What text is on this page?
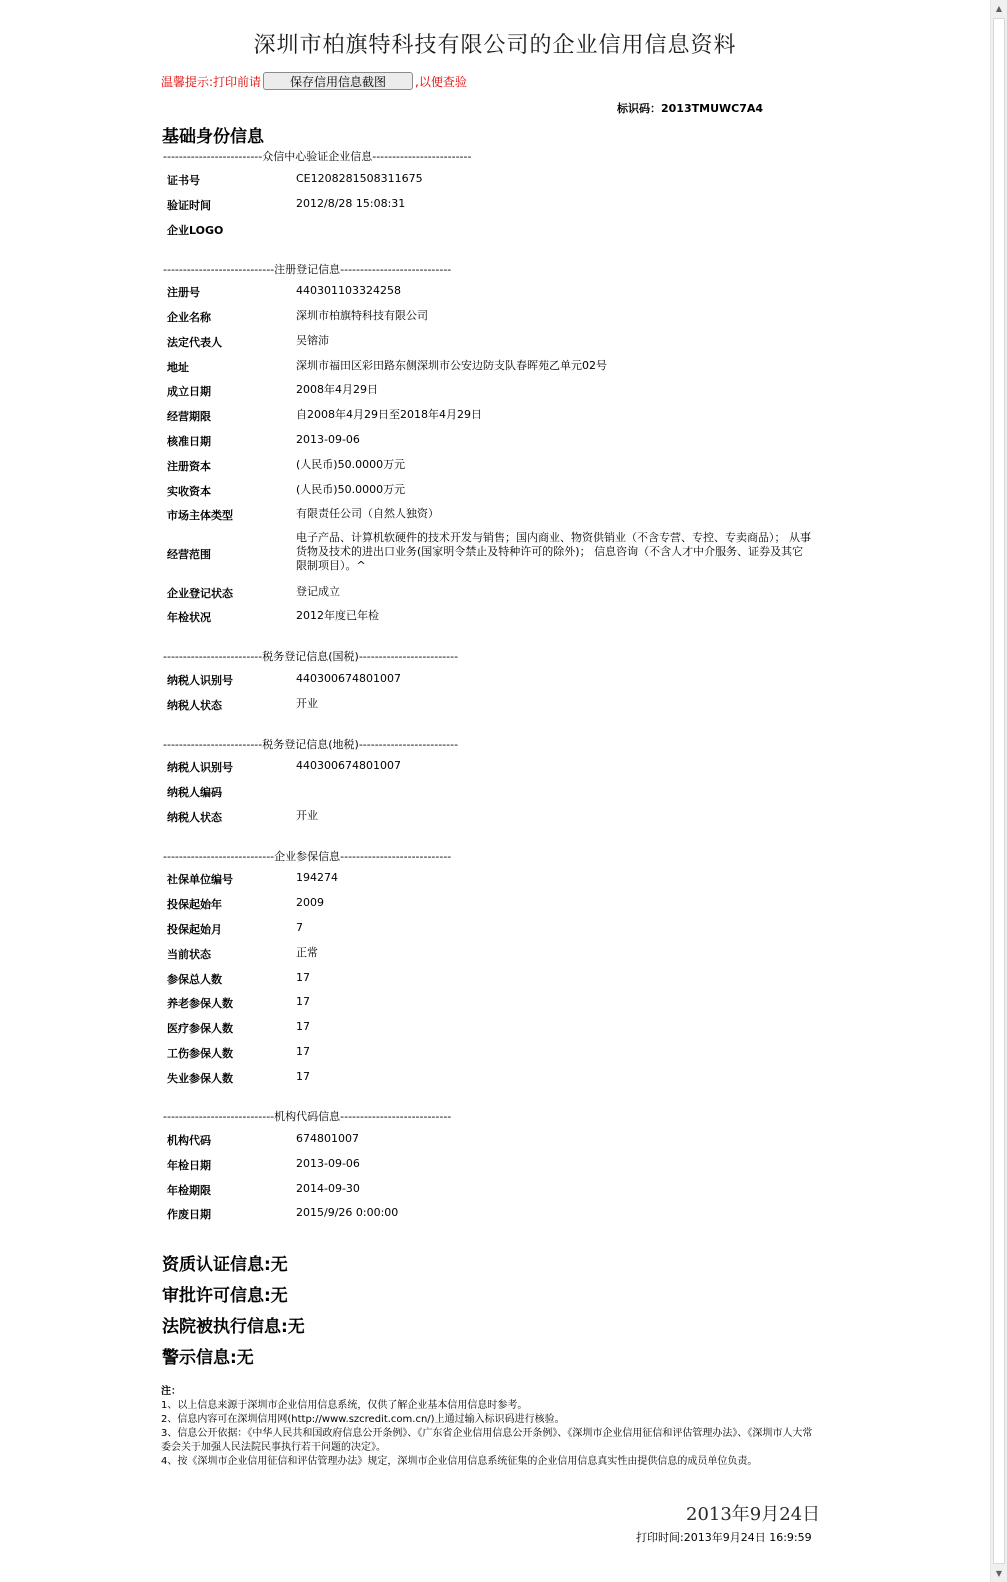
深圳市柏旗特科技有限公司的企业信用信息资料
温馨提示:打印前请	保存信用信息截图	,以便查验
标识码：2013TMUWC7A4
基础身份信息
-------------------------众信中心验证企业信息-------------------------
证书号	CE1208281508311675
验证时间	2012/8/28 15:08:31
企业LOGO
----------------------------注册登记信息----------------------------
注册号	440301103324258
企业名称	深圳市柏旗特科技有限公司
法定代表人	吴镕沛
地址	深圳市福田区彩田路东侧深圳市公安边防支队春晖苑乙单元02号
成立日期	2008年4月29日
经营期限	自2008年4月29日至2018年4月29日
核准日期	2013-09-06
注册资本	(人民币)50.0000万元
实收资本	(人民币)50.0000万元
市场主体类型	有限责任公司（自然人独资）
经营范围
电子产品、计算机软硬件的技术开发与销售；国内商业、物资供销业（不含专营、专控、专卖商品）； 从事货物及技术的进出口业务(国家明令禁止及特种许可的除外)； 信息咨询（不含人才中介服务、证券及其它限制项目）。^
企业登记状态	登记成立
年检状况	2012年度已年检
-------------------------税务登记信息(国税)-------------------------
纳税人识别号	440300674801007
纳税人状态	开业
-------------------------税务登记信息(地税)-------------------------
纳税人识别号	440300674801007
纳税人编码
纳税人状态	开业
----------------------------企业参保信息----------------------------
社保单位编号	194274
投保起始年	2009
投保起始月	7
当前状态	正常
参保总人数	17
养老参保人数	17
医疗参保人数	17
工伤参保人数	17
失业参保人数	17
----------------------------机构代码信息----------------------------
机构代码	674801007
年检日期	2013-09-06
年检期限	2014-09-30
作废日期	2015/9/26 0:00:00
资质认证信息:无
审批许可信息:无
法院被执行信息:无
警示信息:无
注：
1、以上信息来源于深圳市企业信用信息系统，仅供了解企业基本信用信息时参考。
2、信息内容可在深圳信用网(http://www.szcredit.com.cn/)上通过输入标识码进行核验。
3、信息公开依据：《中华人民共和国政府信息公开条例》、《广东省企业信用信息公开条例》、《深圳市企业信用征信和评估管理办法》、《深圳市人大常委会关于加强人民法院民事执行若干问题的决定》。
4、按《深圳市企业信用征信和评估管理办法》规定，深圳市企业信用信息系统征集的企业信用信息真实性由提供信息的成员单位负责。
2013年9月24日
打印时间:2013年9月24日 16:9:59
▲
▼
